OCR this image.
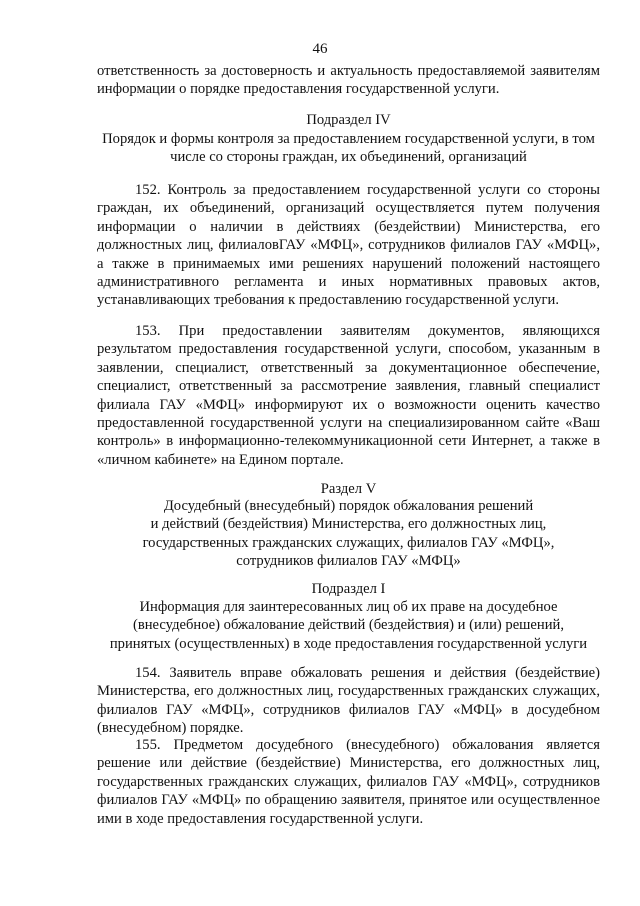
46

ответственность за достоверность и актуальность предоставляемой заявителям информации о порядке предоставления государственной услуги.

Подраздел IV

Порядок и формы контроля за предоставлением государственной услуги, в том числе со стороны граждан, их объединений, организаций

152. Контроль за предоставлением государственной услуги со стороны граждан, их объединений, организаций осуществляется путем получения информации о наличии в действиях (бездействии) Министерства, его должностных лиц, филиаловГАУ «МФЦ», сотрудников филиалов ГАУ «МФЦ», а также в принимаемых ими решениях нарушений положений настоящего административного регламента и иных нормативных правовых актов, устанавливающих требования к предоставлению государственной услуги.

153. При предоставлении заявителям документов, являющихся результатом предоставления государственной услуги, способом, указанным в заявлении, специалист, ответственный за документационное обеспечение, специалист, ответственный за рассмотрение заявления, главный специалист филиала ГАУ «МФЦ» информируют их о возможности оценить качество предоставленной государственной услуги на специализированном сайте «Ваш контроль» в информационно-телекоммуникационной сети Интернет, а также в «личном кабинете» на Едином портале.

Раздел V

Досудебный (внесудебный) порядок обжалования решений

и действий (бездействия) Министерства, его должностных лиц,

государственных гражданских служащих, филиалов ГАУ «МФЦ»,

сотрудников филиалов ГАУ «МФЦ»

Подраздел I

Информация для заинтересованных лиц об их праве на досудебное

(внесудебное) обжалование действий (бездействия) и (или) решений,

принятых (осуществленных) в ходе предоставления государственной услуги

154. Заявитель вправе обжаловать решения и действия (бездействие) Министерства, его должностных лиц, государственных гражданских служащих, филиалов ГАУ «МФЦ», сотрудников филиалов ГАУ «МФЦ» в досудебном (внесудебном) порядке.

155. Предметом досудебного (внесудебного) обжалования является решение или действие (бездействие) Министерства, его должностных лиц, государственных гражданских служащих, филиалов ГАУ «МФЦ», сотрудников филиалов ГАУ «МФЦ» по обращению заявителя, принятое или осуществленное ими в ходе предоставления государственной услуги.
